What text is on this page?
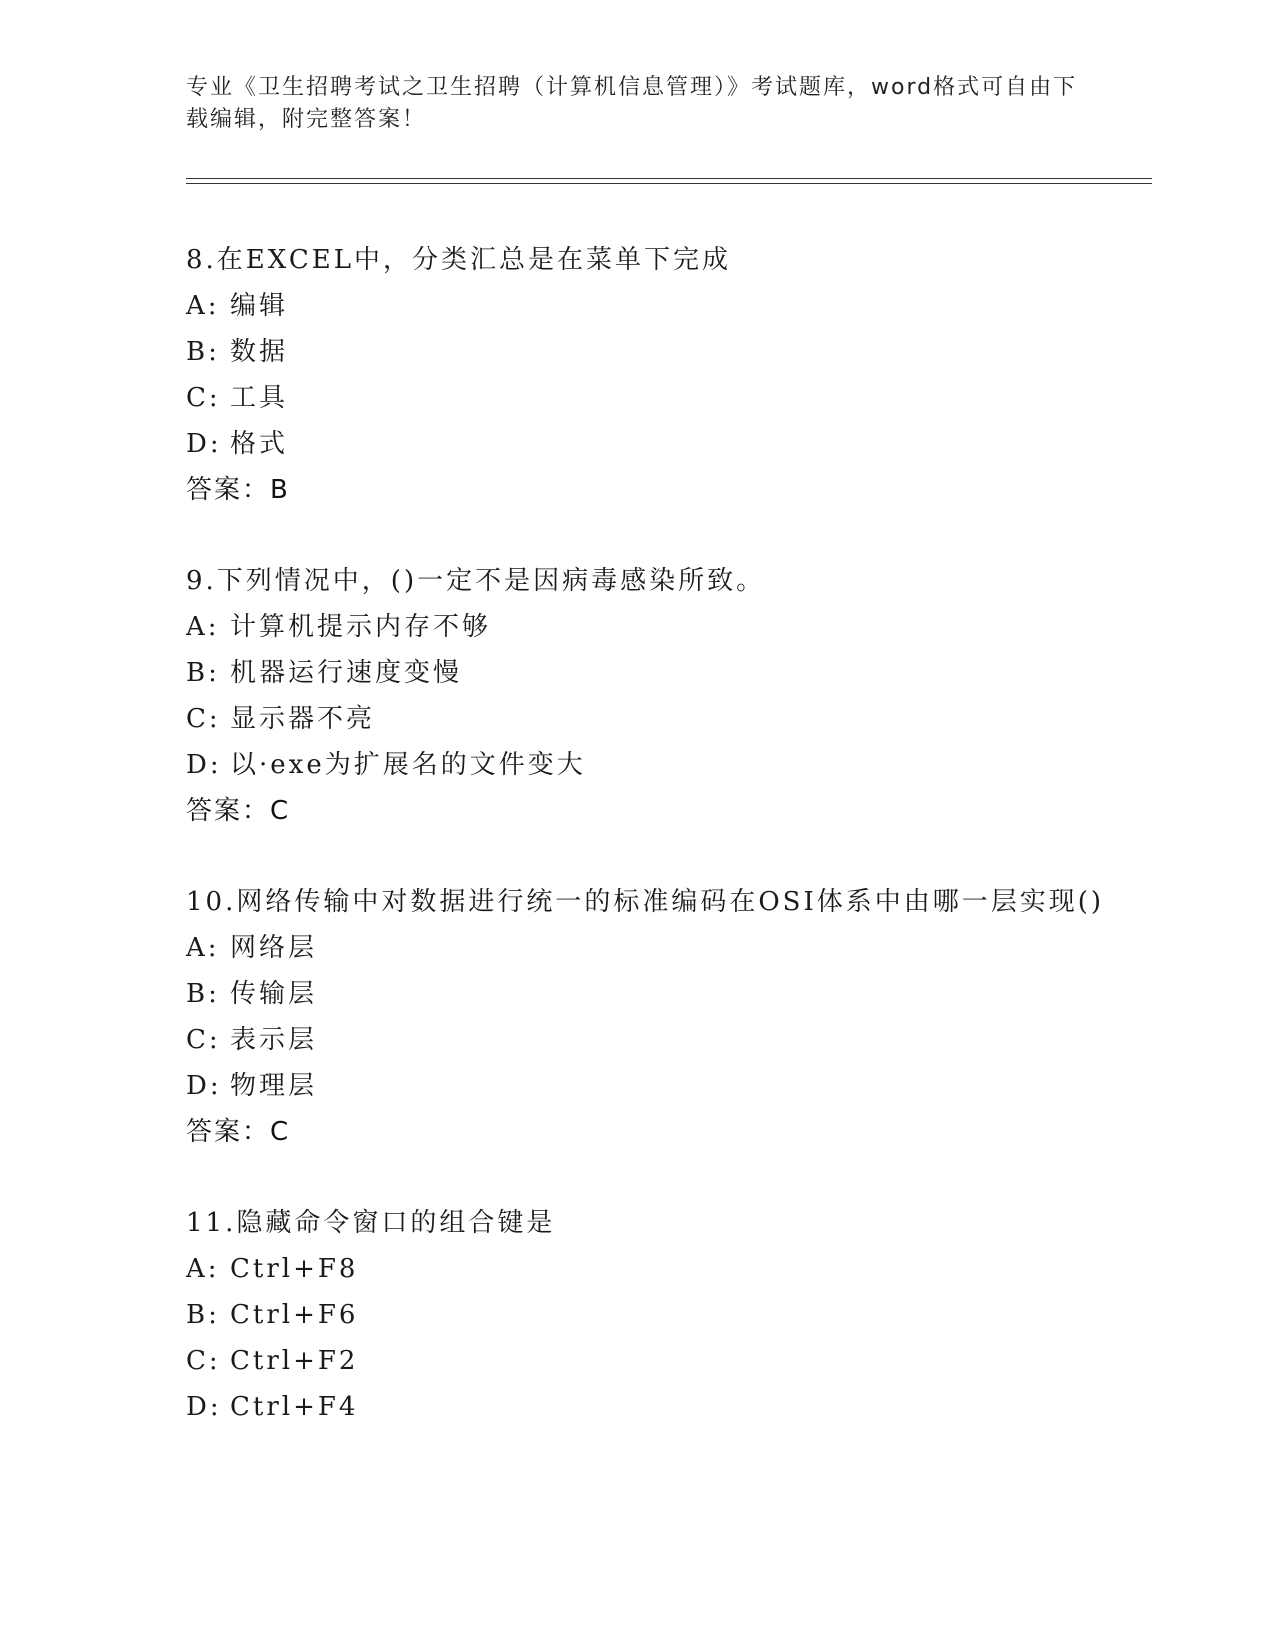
专业《卫生招聘考试之卫生招聘（计算机信息管理）》考试题库，word格式可自由下载编辑，附完整答案！
8.在EXCEL中，分类汇总是在菜单下完成
A: 编辑
B: 数据
C: 工具
D: 格式
答案：B
9.下列情况中，()一定不是因病毒感染所致。
A: 计算机提示内存不够
B: 机器运行速度变慢
C: 显示器不亮
D: 以·exe为扩展名的文件变大
答案：C
10.网络传输中对数据进行统一的标准编码在OSI体系中由哪一层实现()
A: 网络层
B: 传输层
C: 表示层
D: 物理层
答案：C
11.隐藏命令窗口的组合键是
A: Ctrl+F8
B: Ctrl+F6
C: Ctrl+F2
D: Ctrl+F4
